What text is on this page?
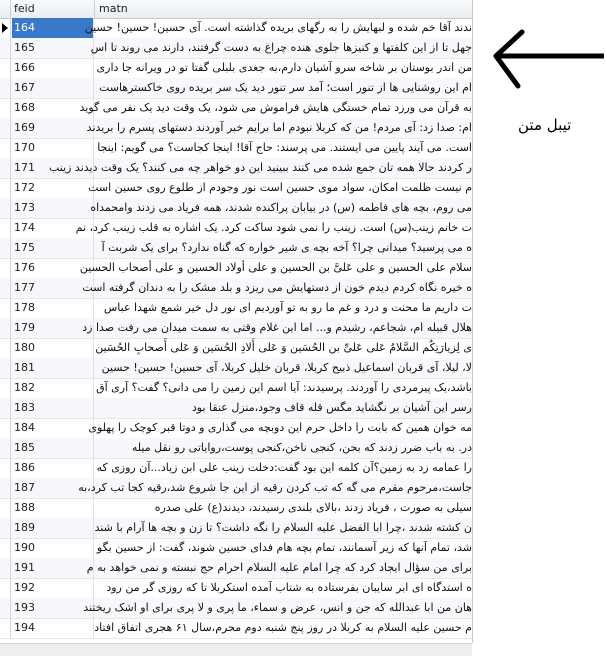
feid	matn
164	ندند آقا خم شده و لبهایش را به رگهای بریده گذاشته است. آی حسین! حسین! حسین
165	جهل تا از این کلفتها و کنیزها جلوی هنده چراغ به دست گرفتند، دارند می روند تا اس
166	من اندر بوستان بر شاخه سرو آشیان دارم،به جغدی بلبلی گفتا تو در ویرانه جا داری
167	ام این روشنایی ها از تنور است؛ آمد سر تنور دید یک سر بریده روی خاکسترهاست
168	به قرآن می ورزد تمام خستگی هایش فراموش می شود، یک وقت دید یک نفر می گوید
169	ام: صدا زد: آی مردم! من که کربلا نبودم اما برایم خبر آوردند دستهای پسرم را بریدند
170	است. می آیند پایین می ایستند. می پرسند: حاج آقا! اینجا کجاست؟ می گویم: اینجا
171	ر کردند حالا همه تان جمع شده می کنند ببینید این دو خواهر چه می کنند؟ یک وقت دیدند زینب
172	م نیست ظلمت امکان، سواد موی حسین است نور وجودم از طلوع روی حسین است
173	می روم، بچه های فاطمه (س) در بیابان پراکنده شدند، همه فریاد می زدند وامحمداه
174	ت خانم زینب(س) است. زینب را نمی شود ساکت کرد. یک اشاره به قلب زینب کرد، نم
175	ه می پرسید؟ میدانی چرا؟ آخه بچه ی شیر خواره که گناه ندارد؟ برای یک شربت آ
176	سلام علی الحسین و علی عَلیَّ بن الحسین و علی أولاد الحسین و علی أصحاب الحسین
177	ه خیره نگاه کردم دیدم خون از دستهایش می ریزد و بلد مشک را به دندان گرفته است
178	ت داریم ما محنت و درد و غم ما رو به تو آوردیم ای نور دل خیر شمع شهدا عباس
179	هلال قبیله ام، شجاعم، رشیدم و... اما این غلام وقتی به سمت میدان می رفت صدا زد
180	ی لِزیارَتِکُم السَّلامُ عَلی عَلیِّ بن الحُسَین وَ عَلی أَلادِ الحُسَین وَ عَلی أَصحابِ الحُسَین
181	لا، لیلا، آی قربان اسماعیل ذبیح کربلا، قربان خلیل کربلا، آی حسین! حسین! حسین
182	باشد،یک پیرمردی را آوردند. پرسیدند: آیا اسم این زمین را می دانی؟ گفت؟ آری آق
183	رسر این آشیان بر نگشاید مگس قله قاف وجود،منزل عنقا بود
184	مه خوان همین که بابت را داخل حرم این دوبچه می گذاری و دوتا قبر کوچک را پهلوی
185	در. به باب ضرر زدند که بحن، کنجی ناخن،کنجی پوست،روایاتی رو نقل میله
186	را عمامه زد به زمین؟آن کلمه این بود گفت:دخلت زینب علی ابن زیاد...آن روزی که
187	جاست،مرحوم مقرم می گه که تب کردن رقیه از این جا شروع شد،رقیه کجا تب کرد،به
188	سیلی به صورت ، فریاد زدند ،بالای بلندی رسیدند، دیدند(ع) علی صدره
189	ن کشته شدند ،چرا ابا الفضل علیه السلام را نگه داشت؟ تا زن و بچه ها آرام با شند
190	شد، تمام آنها که زیر آسمانند، تمام بچه هام فدای حسین شوند، گفت: از حسین بگو
191	برای من سؤال ایجاد کرد که چرا امام علیه السلام احرام حج نبسته و نمی خواهد به م
192	ه استدگاه ای ابر سایبان بفرستاده به شتاب آمده استکربلا تا که روزی گر من رود
193	هان من ابا عبدالله که جن و انس، عرض و سماء، ما پری و لا پری برای او اشک ریختند
194	م حسین علیه السلام به کربلا در روز پنج شنبه دوم محرم،سال ۶۱ هجری اتفاق افتاد
تیبل متن
